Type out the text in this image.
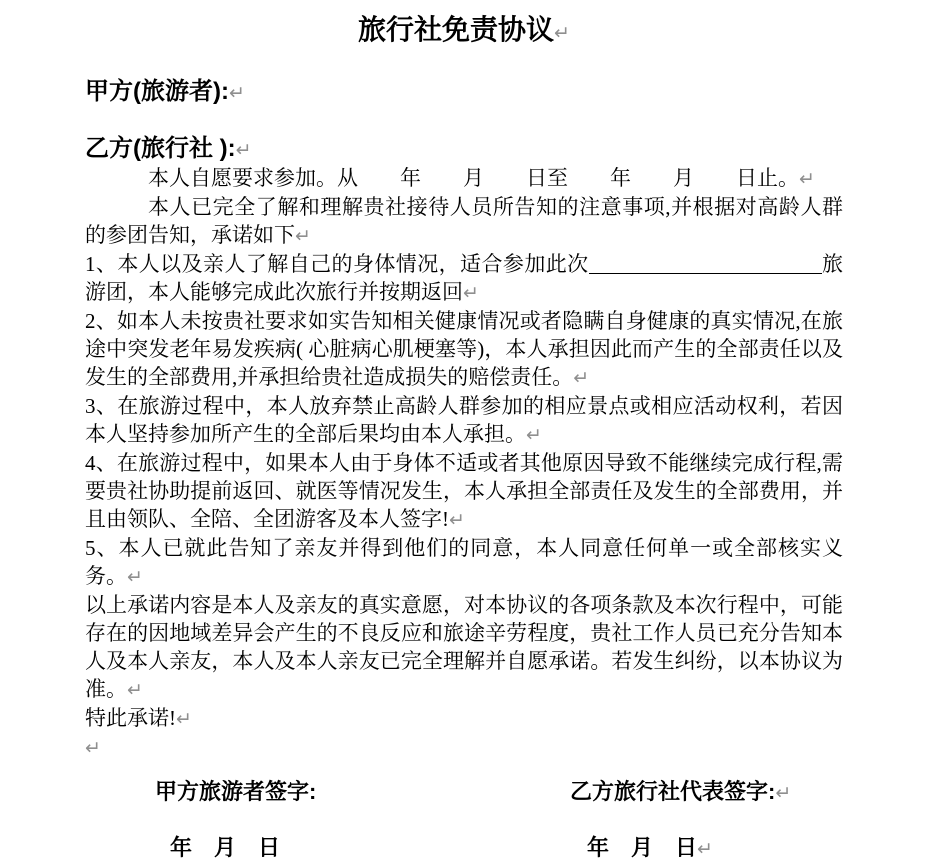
旅行社免责协议↵
甲方(旅游者):↵
乙方(旅行社 ):↵

本人自愿要求参加。从　　年　　月　　日至　　年　　月　　日止。↵

本人已完全了解和理解贵社接待人员所告知的注意事项,并根据对高龄人群的参团告知，承诺如下↵

1、本人以及亲人了解自己的身体情况，适合参加此次	旅游团，本人能够完成此次旅行并按期返回↵

2、如本人未按贵社要求如实告知相关健康情况或者隐瞒自身健康的真实情况,在旅途中突发老年易发疾病( 心脏病心肌梗塞等)，本人承担因此而产生的全部责任以及发生的全部费用,并承担给贵社造成损失的赔偿责任。↵

3、在旅游过程中，本人放弃禁止高龄人群参加的相应景点或相应活动权利，若因本人坚持参加所产生的全部后果均由本人承担。↵

4、在旅游过程中，如果本人由于身体不适或者其他原因导致不能继续完成行程,需要贵社协助提前返回、就医等情况发生，本人承担全部责任及发生的全部费用，并且由领队、全陪、全团游客及本人签字!↵

5、本人已就此告知了亲友并得到他们的同意，本人同意任何单一或全部核实义务。↵

以上承诺内容是本人及亲友的真实意愿，对本协议的各项条款及本次行程中，可能存在的因地域差异会产生的不良反应和旅途辛劳程度，贵社工作人员已充分告知本人及本人亲友，本人及本人亲友已完全理解并自愿承诺。若发生纠纷，以本协议为准。↵

特此承诺!↵

↵

甲方旅游者签字:	乙方旅行社代表签字:↵
年　月　日	年　月　日↵
